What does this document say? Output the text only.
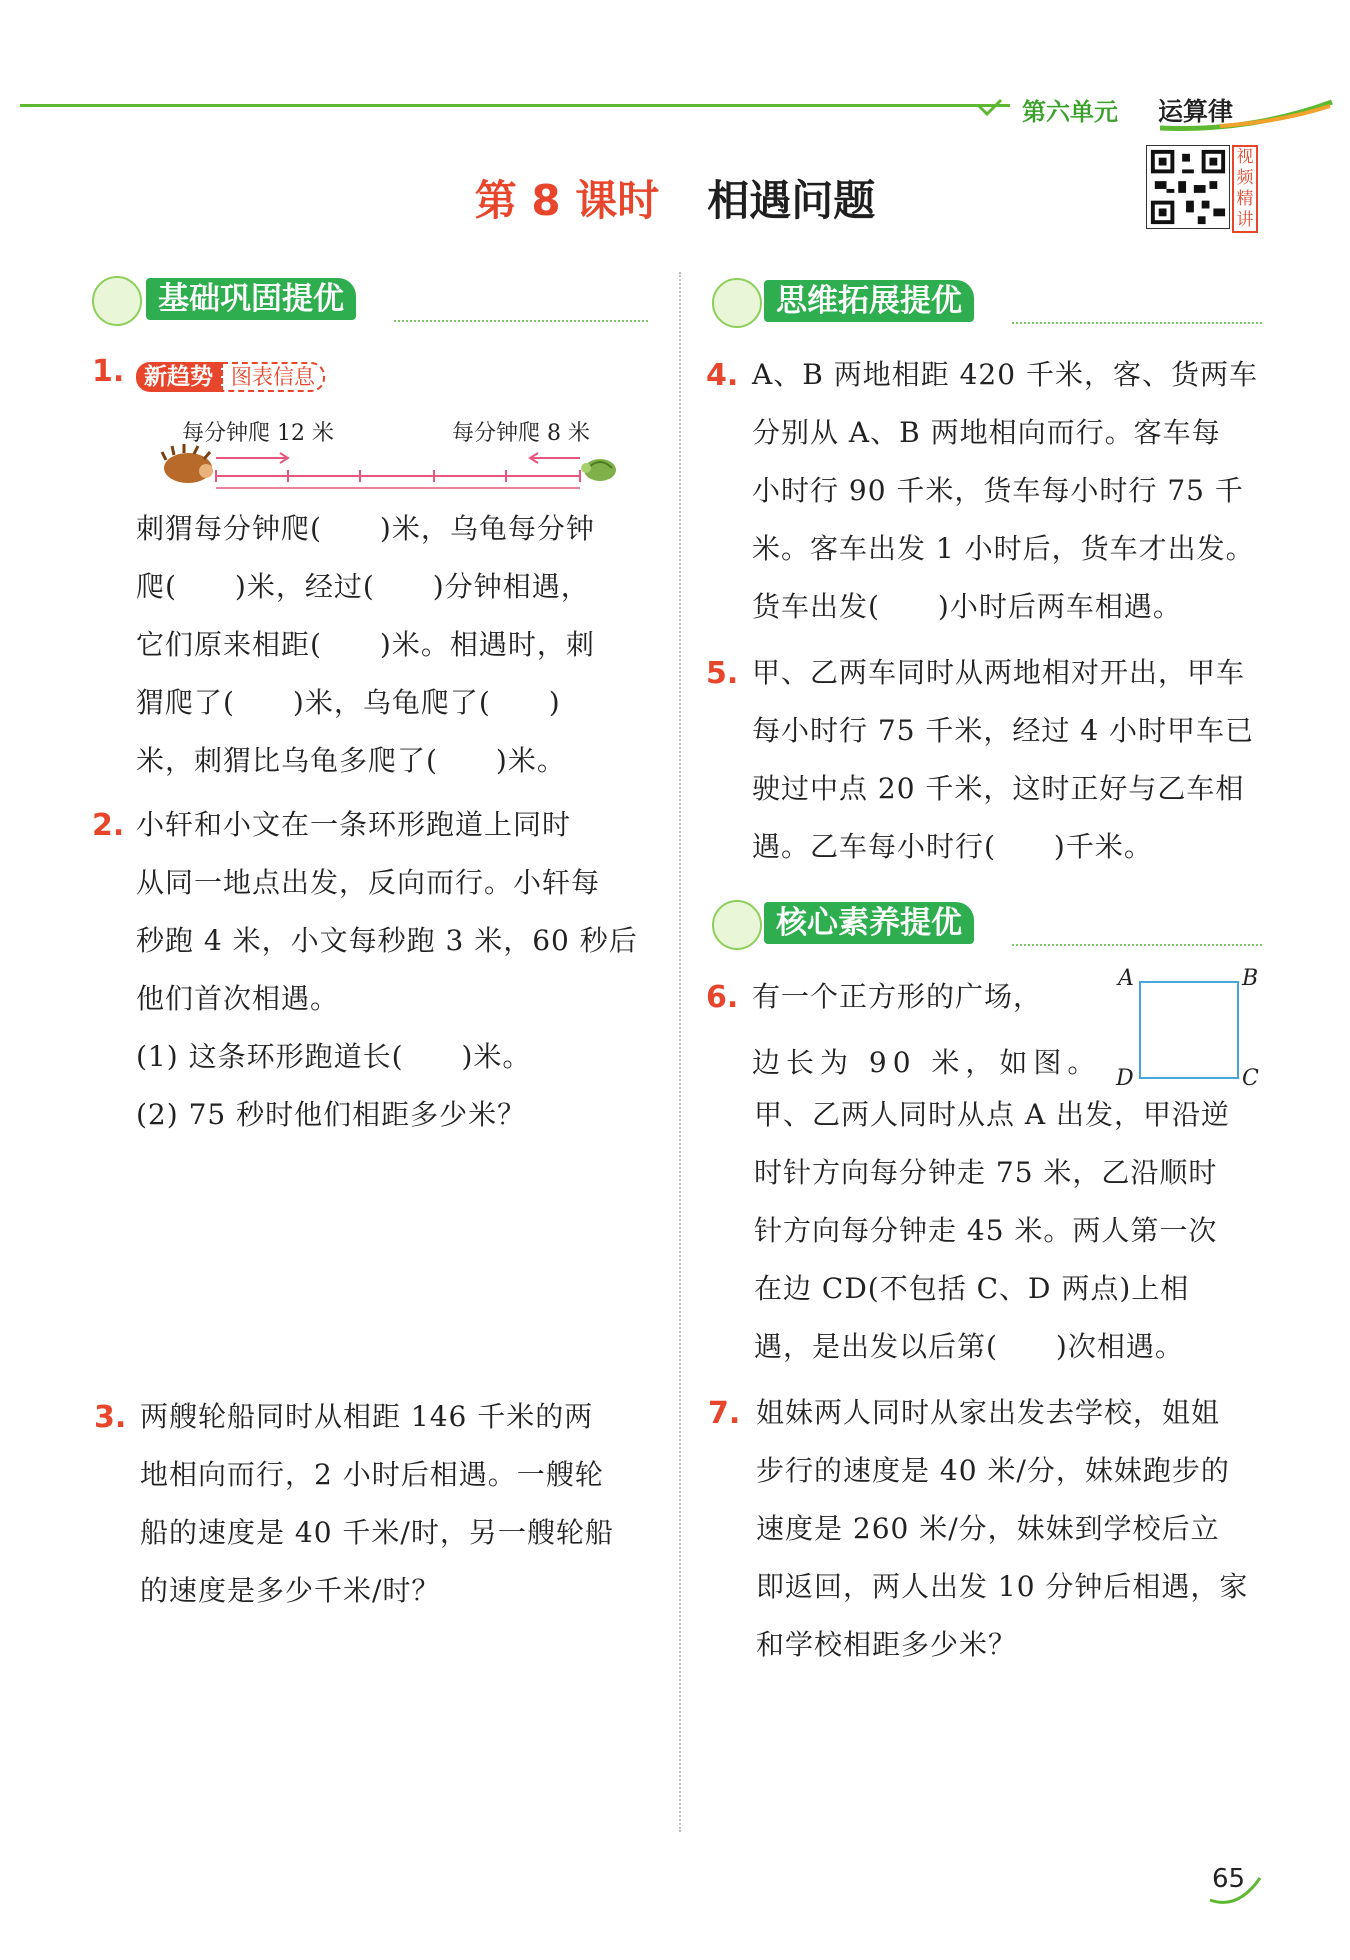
第六单元 运算律
第 8 课时 相遇问题
视频精讲
基础巩固提优
1. 新趋势 图表信息
每分钟爬 12 米	每分钟爬 8 米
刺猬每分钟爬(　　)米，乌龟每分钟
爬(　　)米，经过(　　)分钟相遇，
它们原来相距(　　)米。相遇时，刺
猬爬了(　　)米，乌龟爬了(　　)
米，刺猬比乌龟多爬了(　　)米。
2. 小轩和小文在一条环形跑道上同时
从同一地点出发，反向而行。小轩每
秒跑 4 米，小文每秒跑 3 米，60 秒后
他们首次相遇。
(1) 这条环形跑道长(　　)米。
(2) 75 秒时他们相距多少米？
3. 两艘轮船同时从相距 146 千米的两
地相向而行，2 小时后相遇。一艘轮
船的速度是 40 千米/时，另一艘轮船
的速度是多少千米/时？
思维拓展提优
4. A、B 两地相距 420 千米，客、货两车
分别从 A、B 两地相向而行。客车每
小时行 90 千米，货车每小时行 75 千
米。客车出发 1 小时后，货车才出发。
货车出发(　　)小时后两车相遇。
5. 甲、乙两车同时从两地相对开出，甲车
每小时行 75 千米，经过 4 小时甲车已
驶过中点 20 千米，这时正好与乙车相
遇。乙车每小时行(　　)千米。
核心素养提优
6. 有一个正方形的广场，
边长为 90 米，如图。
A	B
C
D
甲、乙两人同时从点 A 出发，甲沿逆
时针方向每分钟走 75 米，乙沿顺时
针方向每分钟走 45 米。两人第一次
在边 CD(不包括 C、D 两点)上相
遇，是出发以后第(　　)次相遇。
7. 姐妹两人同时从家出发去学校，姐姐
步行的速度是 40 米/分，妹妹跑步的
速度是 260 米/分，妹妹到学校后立
即返回，两人出发 10 分钟后相遇，家
和学校相距多少米？
65
